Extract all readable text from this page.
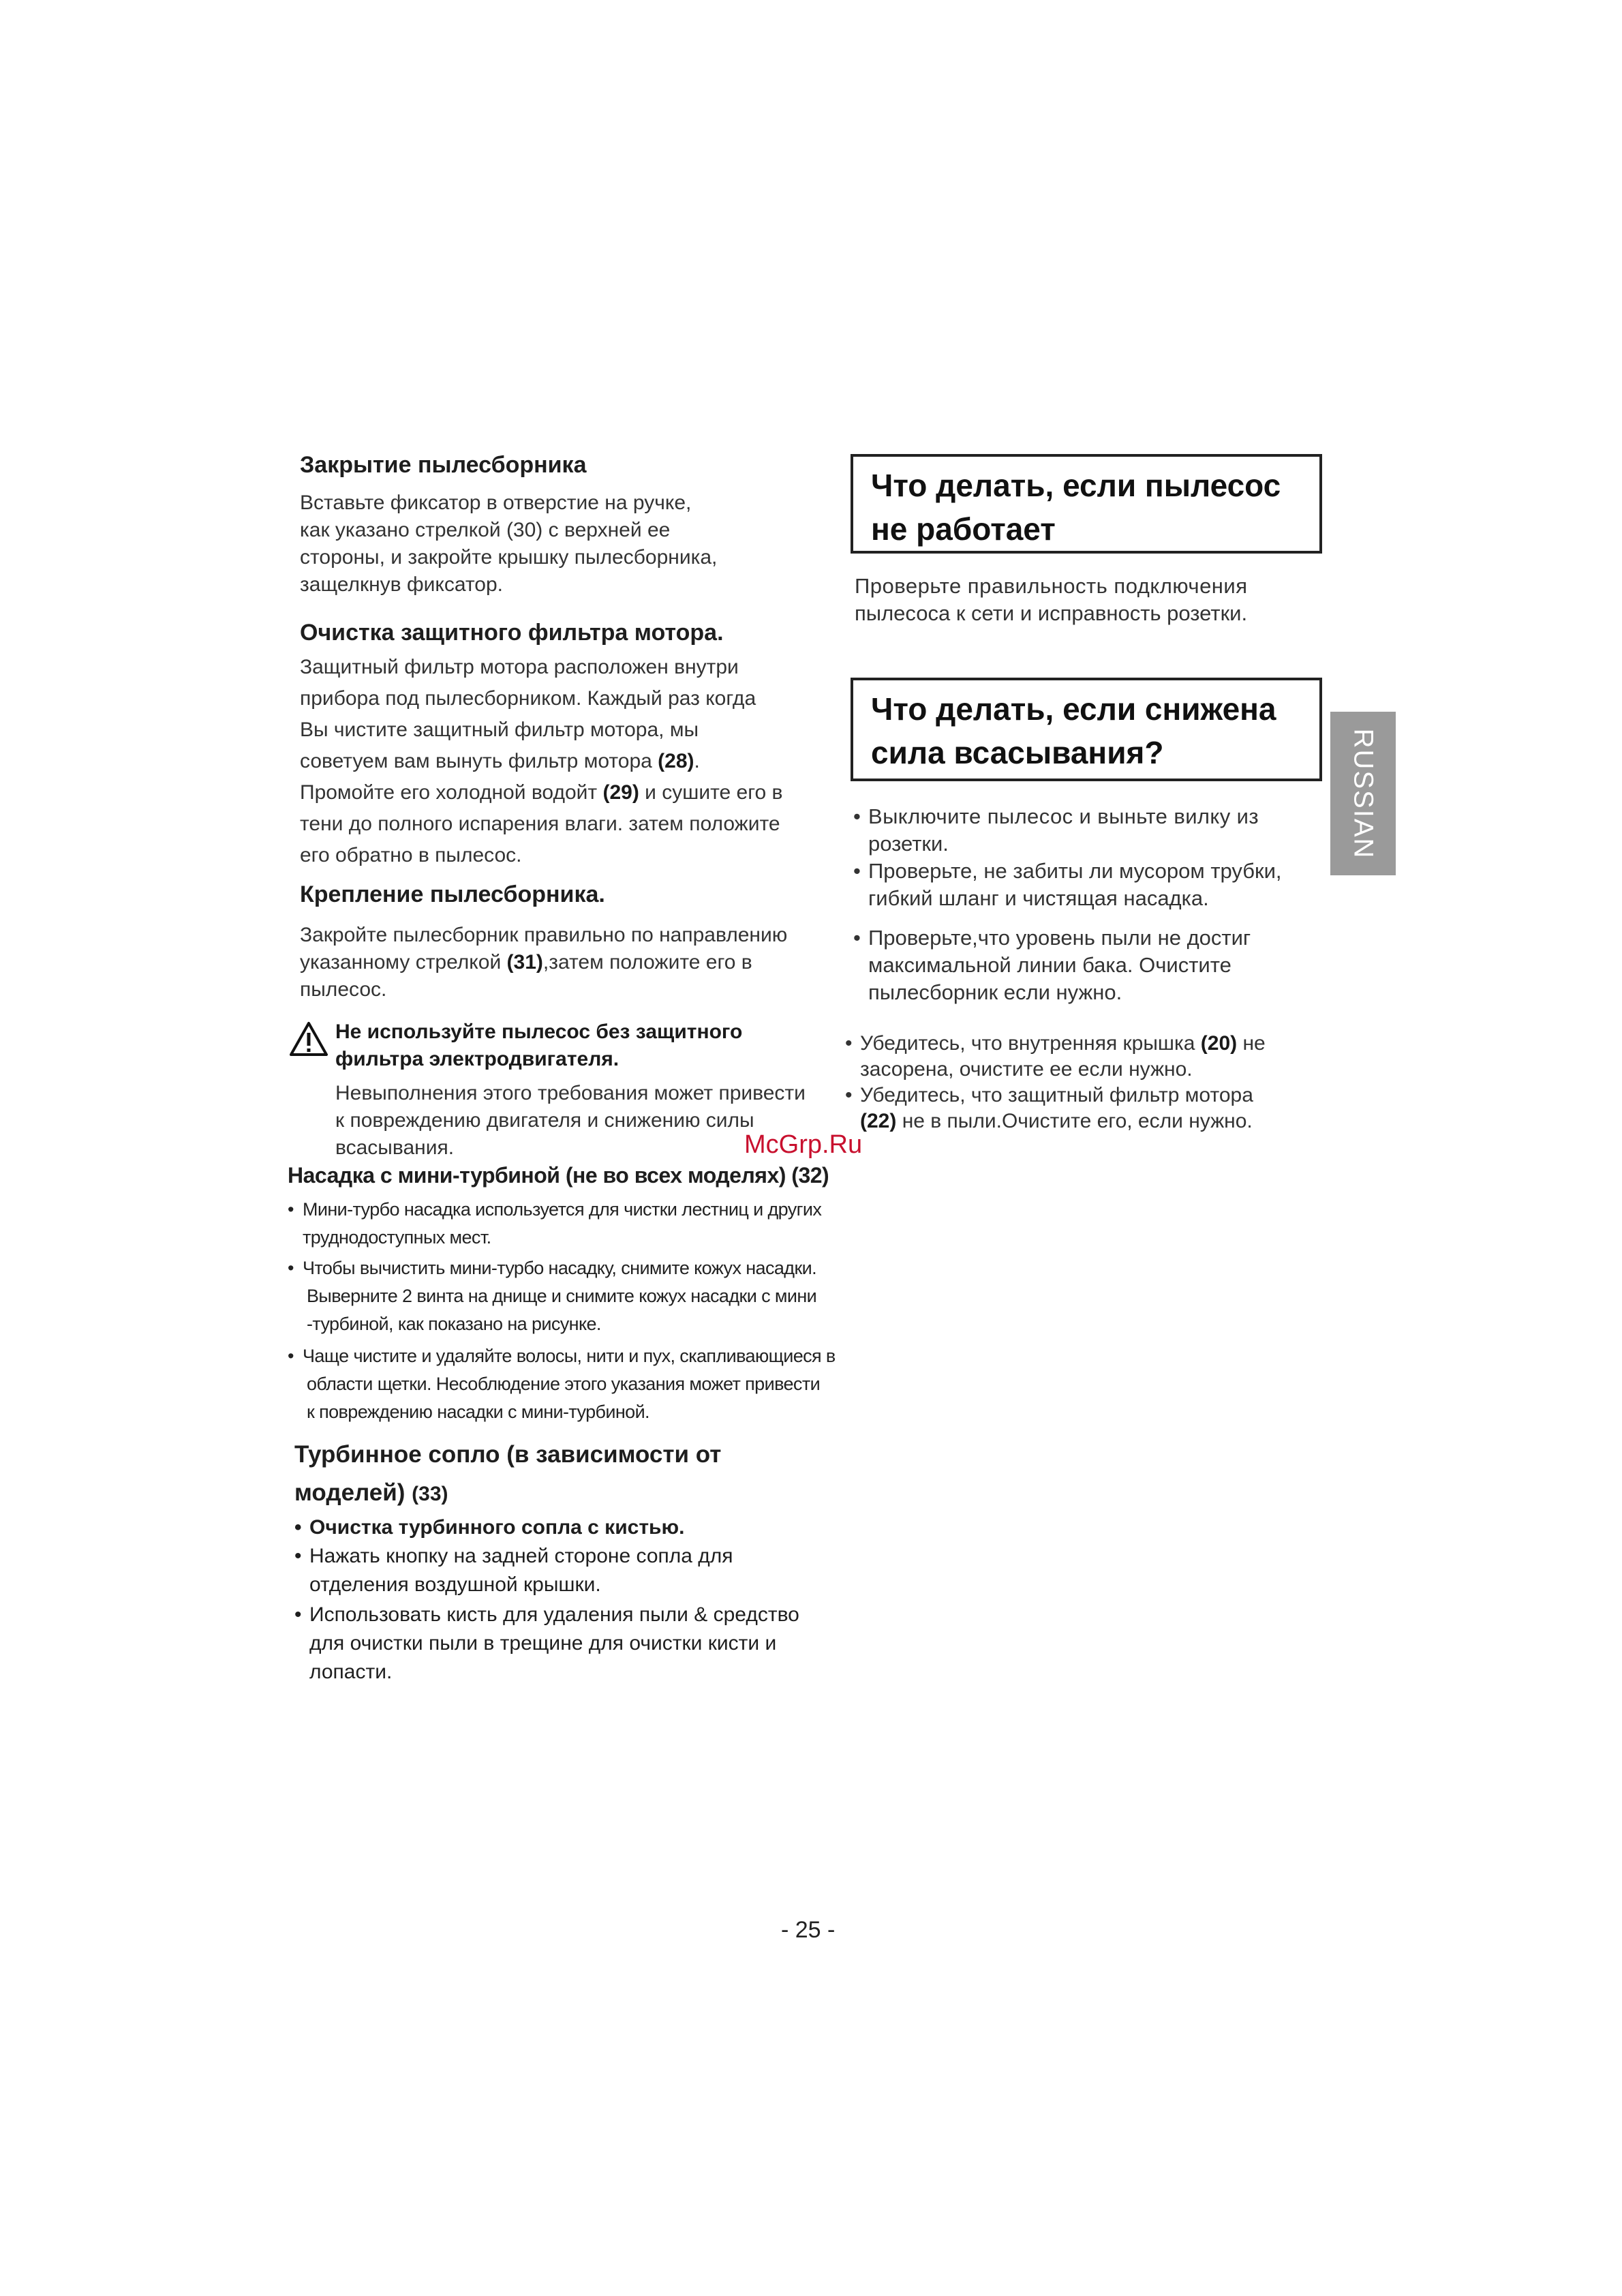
Закрытие пылесборника

Вставьте фиксатор в отверстие на ручке,

как указано стрелкой (30) с верхней ее

стороны, и закройте крышку пылесборника,

защелкнув фиксатор.

Очистка защитного фильтра мотора.

Защитный фильтр мотора расположен внутри

прибора под пылесборником. Каждый раз когда

Вы чистите защитный фильтр мотора, мы

советуем вам вынуть фильтр мотора (28).

Промойте его холодной водойт (29) и сушите его в

тени до полного испарения влаги. затем положите

его обратно в пылесос.

Крепление пылесборника.

Закройте пылесборник правильно по направлению

указанному стрелкой (31),затем положите его в

пылесос.

Не используйте пылесос без защитного

фильтра электродвигателя.

Невыполнения этого требования может привести

к повреждению двигателя и снижению силы

всасывания.

Насадка с мини-турбиной (не во всех моделях) (32)

• Мини-турбо насадка используется для чистки лестниц и других
труднодоступных мест.
• Чтобы вычистить мини-турбо насадку, снимите кожух насадки.
Выверните 2 винта на днище и снимите кожух насадки с мини
-турбиной, как показано на рисунке.
• Чаще чистите и удаляйте волосы, нити и пух, скапливающиеся в
области щетки. Несоблюдение этого указания может привести
к повреждению насадки с мини-турбиной.

Турбинное сопло (в зависимости от

моделей) (33)

• Очистка турбинного сопла с кистью.
• Нажать кнопку на задней стороне сопла для
отделения воздушной крышки.
• Использовать кисть для удаления пыли & средство
для очистки пыли в трещине для очистки кисти и
лопасти.

Что делать, если пылесос

не работает

Проверьте правильность подключения

пылесоса к сети и исправность розетки.

Что делать, если снижена

сила всасывания?

• Выключите пылесос и выньте вилку из
розетки.
• Проверьте, не забиты ли мусором трубки,
гибкий шланг и чистящая насадка.
• Проверьте,что уровень пыли не достиг
максимальной линии бака. Очистите
пылесборник если нужно.
• Убедитесь, что внутренняя крышка (20) не
засорена, очистите ее если нужно.
• Убедитесь, что защитный фильтр мотора
(22) не в пыли.Очистите его, если нужно.
RUSSIAN
McGrp.Ru
- 25 -
